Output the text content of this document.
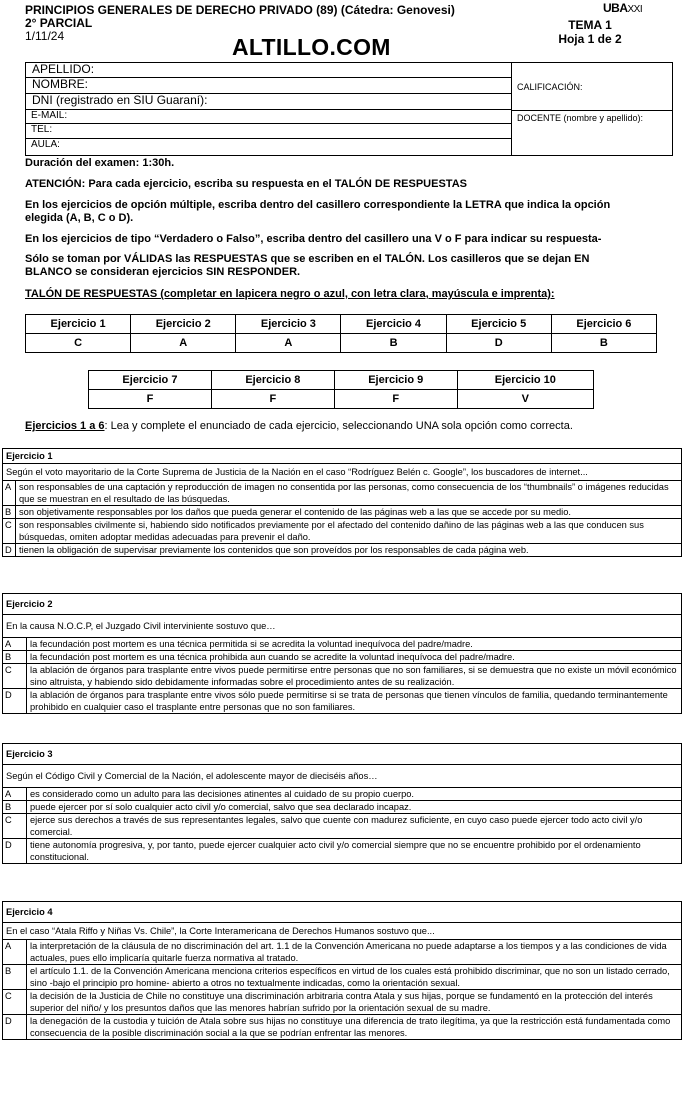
PRINCIPIOS GENERALES DE DERECHO PRIVADO (89) (Cátedra: Genovesi)
2° PARCIAL
1/11/24
UBAXXI
TEMA 1
Hoja 1 de 2
ALTILLO.COM
APELLIDO:
NOMBRE:
DNI (registrado en SIU Guaraní):
E-MAIL:
TEL:
AULA:
CALIFICACIÓN:
DOCENTE (nombre y apellido):
Duración del examen: 1:30h.
ATENCIÓN: Para cada ejercicio, escriba su respuesta en el TALÓN DE RESPUESTAS
En los ejercicios de opción múltiple, escriba dentro del casillero correspondiente la LETRA que indica la opción
elegida (A, B, C o D).
En los ejercicios de tipo “Verdadero o Falso”, escriba dentro del casillero una V o F para indicar su respuesta-
Sólo se toman por VÁLIDAS las RESPUESTAS que se escriben en el TALÓN. Los casilleros que se dejan EN
BLANCO se consideran ejercicios SIN RESPONDER.
TALÓN DE RESPUESTAS (completar en lapicera negro o azul, con letra clara, mayúscula e imprenta):
Ejercicio 1	Ejercicio 2	Ejercicio 3	Ejercicio 4	Ejercicio 5	Ejercicio 6
C	A	A	B	D	B
Ejercicio 7	Ejercicio 8	Ejercicio 9	Ejercicio 10
F	F	F	V
Ejercicios 1 a 6: Lea y complete el enunciado de cada ejercicio, seleccionando UNA sola opción como correcta.
Ejercicio 1
Según el voto mayoritario de la Corte Suprema de Justicia de la Nación en el caso “Rodríguez Belén c. Google”, los buscadores de internet...
A son responsables de una captación y reproducción de imagen no consentida por las personas, como consecuencia de los “thumbnails” o imágenes reducidas que se muestran en el resultado de las búsquedas.
B son objetivamente responsables por los daños que pueda generar el contenido de las páginas web a las que se accede por su medio.
C son responsables civilmente si, habiendo sido notificados previamente por el afectado del contenido dañino de las páginas web a las que conducen sus búsquedas, omiten adoptar medidas adecuadas para prevenir el daño.
D tienen la obligación de supervisar previamente los contenidos que son proveídos por los responsables de cada página web.
Ejercicio 2
En la causa N.O.C.P, el Juzgado Civil interviniente sostuvo que…
A	la fecundación post mortem es una técnica permitida si se acredita la voluntad inequívoca del padre/madre.
B	la fecundación post mortem es una técnica prohibida aun cuando se acredite la voluntad inequívoca del padre/madre.
C	la ablación de órganos para trasplante entre vivos puede permitirse entre personas que no son familiares, si se demuestra que no existe un móvil económico sino altruista, y habiendo sido debidamente informadas sobre el procedimiento antes de su realización.
D	la ablación de órganos para trasplante entre vivos sólo puede permitirse si se trata de personas que tienen vínculos de familia, quedando terminantemente prohibido en cualquier caso el trasplante entre personas que no son familiares.
Ejercicio 3
Según el Código Civil y Comercial de la Nación, el adolescente mayor de dieciséis años…
A	es considerado como un adulto para las decisiones atinentes al cuidado de su propio cuerpo.
B	puede ejercer por sí solo cualquier acto civil y/o comercial, salvo que sea declarado incapaz.
C	ejerce sus derechos a través de sus representantes legales, salvo que cuente con madurez suficiente, en cuyo caso puede ejercer todo acto civil y/o comercial.
D	tiene autonomía progresiva, y, por tanto, puede ejercer cualquier acto civil y/o comercial siempre que no se encuentre prohibido por el ordenamiento constitucional.
Ejercicio 4
En el caso “Atala Riffo y Niñas Vs. Chile”, la Corte Interamericana de Derechos Humanos sostuvo que...
A	la interpretación de la cláusula de no discriminación del art. 1.1 de la Convención Americana no puede adaptarse a los tiempos y a las condiciones de vida actuales, pues ello implicaría quitarle fuerza normativa al tratado.
B	el artículo 1.1. de la Convención Americana menciona criterios específicos en virtud de los cuales está prohibido discriminar, que no son un listado cerrado, sino -bajo el principio pro homine- abierto a otros no textualmente indicadas, como la orientación sexual.
C	la decisión de la Justicia de Chile no constituye una discriminación arbitraria contra Atala y sus hijas, porque se fundamentó en la protección del interés superior del niño/ y los presuntos daños que las menores habrían sufrido por la orientación sexual de su madre.
D	la denegación de la custodia y tuición de Atala sobre sus hijas no constituye una diferencia de trato ilegítima, ya que la restricción está fundamentada como consecuencia de la posible discriminación social a la que se podrían enfrentar las menores.
